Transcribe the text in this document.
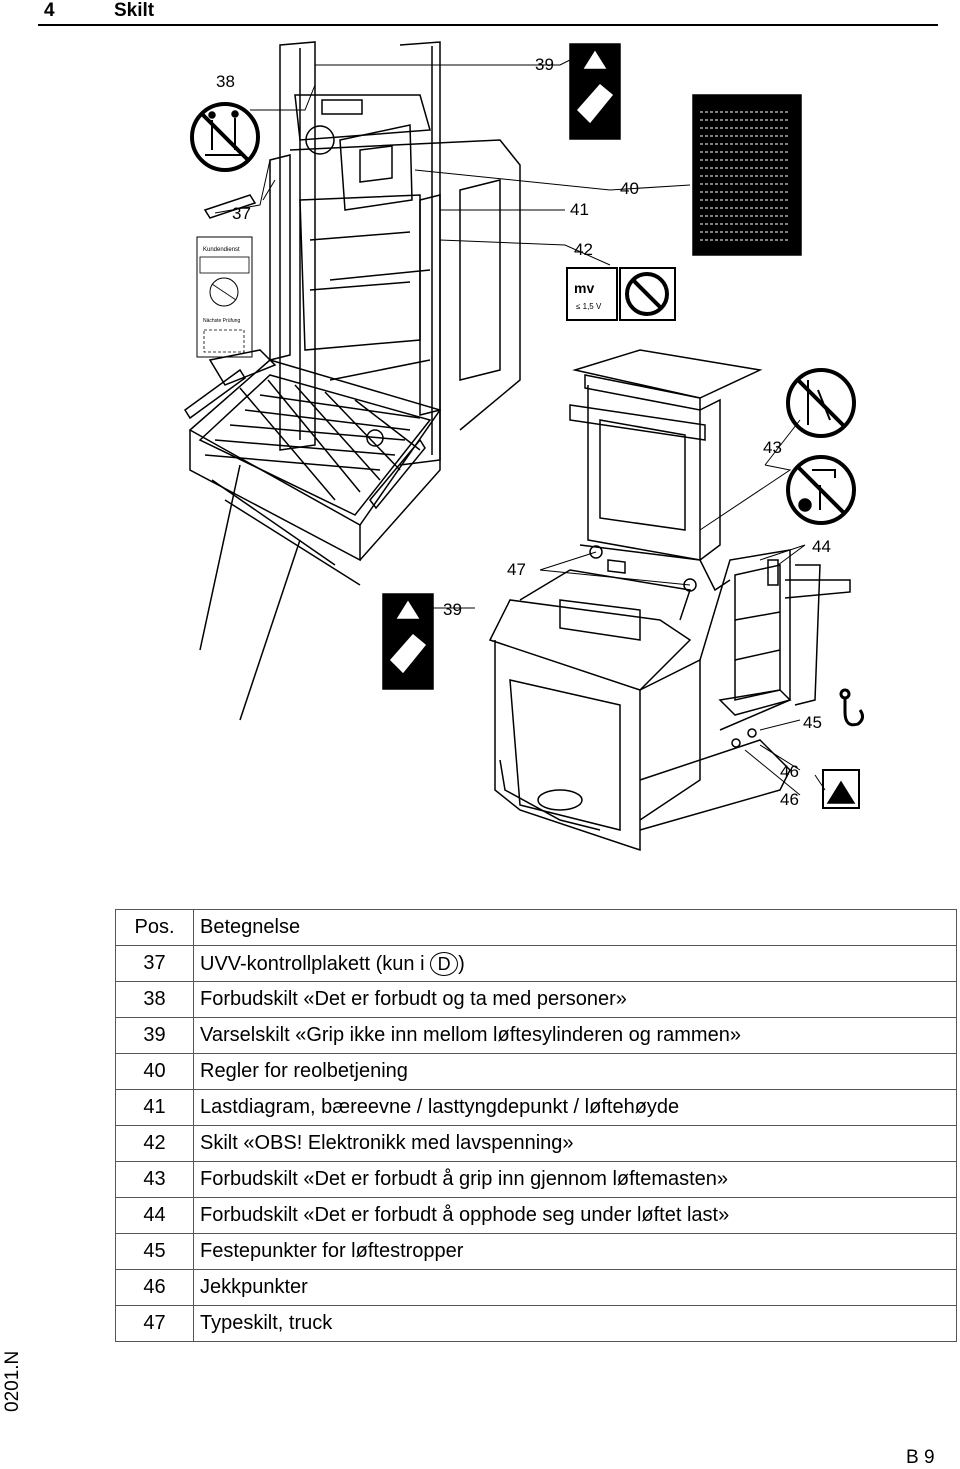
4	Skilt
37
38
39
39
40
41
42
43
44
45
46
46
47
Kundendienst
Nächste Prüfung
mv
≤ 1,5 V
Pos.	Betegnelse
37	UVV-kontrollplakett (kun i D )
38	Forbudskilt «Det er forbudt og ta med personer»
39	Varselskilt «Grip ikke inn mellom løftesylinderen og rammen»
40	Regler for reolbetjening
41	Lastdiagram, bæreevne / lasttyngdepunkt / løftehøyde
42	Skilt «OBS! Elektronikk med lavspenning»
43	Forbudskilt «Det er forbudt å grip inn gjennom løftemasten»
44	Forbudskilt «Det er forbudt å opphode seg under løftet last»
45	Festepunkter for løftestropper
46	Jekkpunkter
47	Typeskilt, truck
0201.N
B 9
